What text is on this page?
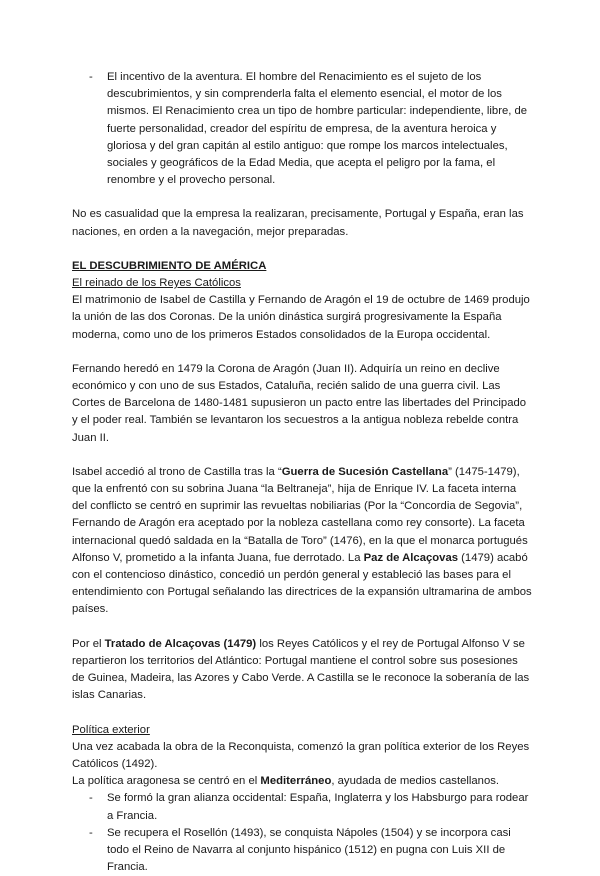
- El incentivo de la aventura. El hombre del Renacimiento es el sujeto de los descubrimientos, y sin comprenderla falta el elemento esencial, el motor de los mismos. El Renacimiento crea un tipo de hombre particular: independiente, libre, de fuerte personalidad, creador del espíritu de empresa, de la aventura heroica y gloriosa y del gran capitán al estilo antiguo: que rompe los marcos intelectuales, sociales y geográficos de la Edad Media, que acepta el peligro por la fama, el renombre y el provecho personal.

No es casualidad que la empresa la realizaran, precisamente, Portugal y España, eran las naciones, en orden a la navegación, mejor preparadas.

EL DESCUBRIMIENTO DE AMÉRICA

El reinado de los Reyes Católicos

El matrimonio de Isabel de Castilla y Fernando de Aragón el 19 de octubre de 1469 produjo la unión de las dos Coronas. De la unión dinástica surgirá progresivamente la España moderna, como uno de los primeros Estados consolidados de la Europa occidental.

Fernando heredó en 1479 la Corona de Aragón (Juan II). Adquiría un reino en declive económico y con uno de sus Estados, Cataluña, recién salido de una guerra civil. Las Cortes de Barcelona de 1480-1481 supusieron un pacto entre las libertades del Principado y el poder real. También se levantaron los secuestros a la antigua nobleza rebelde contra Juan II.

Isabel accedió al trono de Castilla tras la “Guerra de Sucesión Castellana” (1475-1479), que la enfrentó con su sobrina Juana “la Beltraneja”, hija de Enrique IV. La faceta interna del conflicto se centró en suprimir las revueltas nobiliarias (Por la “Concordia de Segovia”, Fernando de Aragón era aceptado por la nobleza castellana como rey consorte). La faceta internacional quedó saldada en la “Batalla de Toro” (1476), en la que el monarca portugués Alfonso V, prometido a la infanta Juana, fue derrotado. La Paz de Alcaçovas (1479) acabó con el contencioso dinástico, concedió un perdón general y estableció las bases para el entendimiento con Portugal señalando las directrices de la expansión ultramarina de ambos países.

Por el Tratado de Alcaçovas (1479) los Reyes Católicos y el rey de Portugal Alfonso V se repartieron los territorios del Atlántico: Portugal mantiene el control sobre sus posesiones de Guinea, Madeira, las Azores y Cabo Verde. A Castilla se le reconoce la soberanía de las islas Canarias.

Política exterior

Una vez acabada la obra de la Reconquista, comenzó la gran política exterior de los Reyes Católicos (1492).

La política aragonesa se centró en el Mediterráneo, ayudada de medios castellanos.

- Se formó la gran alianza occidental: España, Inglaterra y los Habsburgo para rodear a Francia.

- Se recupera el Rosellón (1493), se conquista Nápoles (1504) y se incorpora casi todo el Reino de Navarra al conjunto hispánico (1512) en pugna con Luis XII de Francia.
